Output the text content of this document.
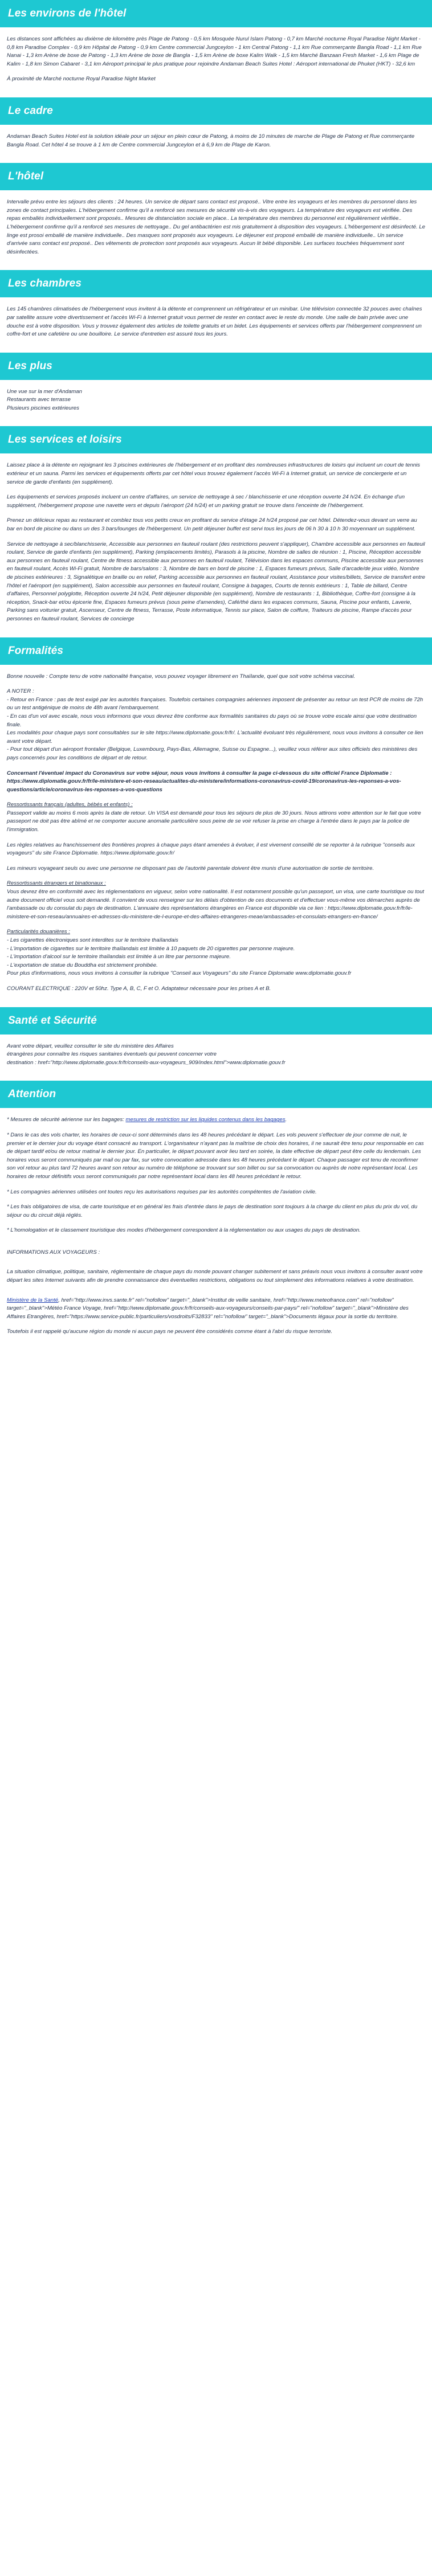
Les environs de l'hôtel

Les distances sont affichées au dixième de kilomètre près Plage de Patong - 0,5 km Mosquée Nurul Islam Patong - 0,7 km Marché nocturne Royal Paradise Night Market - 0,8 km Paradise Complex - 0,9 km Hôpital de Patong - 0,9 km Centre commercial Jungceylon - 1 km Central Patong - 1,1 km Rue commerçante Bangla Road - 1,1 km Rue Nanai - 1,3 km Arène de boxe de Patong - 1,3 km Arène de boxe de Bangla - 1,5 km Arène de boxe Kalim Walk - 1,5 km Marché Banzaan Fresh Market - 1,6 km Plage de Kalim - 1,8 km Simon Cabaret - 3,1 km Aéroport principal le plus pratique pour rejoindre Andaman Beach Suites Hotel : Aéroport international de Phuket (HKT) - 32,6 km

À proximité de Marché nocturne Royal Paradise Night Market

Le cadre

Andaman Beach Suites Hotel est la solution idéale pour un séjour en plein cœur de Patong, à moins de 10 minutes de marche de Plage de Patong et Rue commerçante Bangla Road. Cet hôtel 4 se trouve à 1 km de Centre commercial Jungceylon et à 6,9 km de Plage de Karon.

L'hôtel

Intervalle prévu entre les séjours des clients : 24 heures. Un service de départ sans contact est proposé.. Vitre entre les voyageurs et les membres du personnel dans les zones de contact principales. L'hébergement confirme qu'il a renforcé ses mesures de sécurité vis-à-vis des voyageurs. La température des voyageurs est vérifiée. Des repas emballés individuellement sont proposés.. Mesures de distanciation sociale en place.. La température des membres du personnel est régulièrement vérifiée.. L'hébergement confirme qu'il a renforcé ses mesures de nettoyage.. Du gel antibactérien est mis gratuitement à disposition des voyageurs. L'hébergement est désinfecté. Le linge est prosoi emballé de manière individuelle.. Des masques sont proposés aux voyageurs. Le déjeuner est proposé emballé de manière individuelle.. Un service d'arrivée sans contact est proposé.. Des vêtements de protection sont proposés aux voyageurs. Aucun lit bébé disponible. Les surfaces touchées fréquemment sont désinfectées.

Les chambres

Les 145 chambres climatisées de l'hébergement vous invitent à la détente et comprennent un réfrigérateur et un minibar. Une télévision connectée 32 pouces avec chaînes par satellite assure votre divertissement et l'accès Wi-Fi à Internet gratuit vous permet de rester en contact avec le reste du monde. Une salle de bain privée avec une douche est à votre disposition. Vous y trouvez également des articles de toilette gratuits et un bidet. Les équipements et services offerts par l'hébergement comprennent un coffre-fort et une cafetière ou une bouilloire. Le service d'entretien est assuré tous les jours.

Les plus
Une vue sur la mer d'Andaman
Restaurants avec terrasse
Plusieurs piscines extérieures
Les services et loisirs

Laissez place à la détente en rejoignant les 3 piscines extérieures de l'hébergement et en profitant des nombreuses infrastructures de loisirs qui incluent un court de tennis extérieur et un sauna. Parmi les services et équipements offerts par cet hôtel vous trouvez également l'accès Wi-Fi à Internet gratuit, un service de conciergerie et un service de garde d'enfants (en supplément).

Les équipements et services proposés incluent un centre d'affaires, un service de nettoyage à sec / blanchisserie et une réception ouverte 24 h/24. En échange d'un supplément, l'hébergement propose une navette vers et depuis l'aéroport (24 h/24) et un parking gratuit se trouve dans l'enceinte de l'hébergement.

Prenez un délicieux repas au restaurant et comblez tous vos petits creux en profitant du service d'étage 24 h/24 proposé par cet hôtel. Détendez-vous devant un verre au bar en bord de piscine ou dans un des 3 bars/lounges de l'hébergement. Un petit déjeuner buffet est servi tous les jours de 06 h 30 à 10 h 30 moyennant un supplément.

Service de nettoyage à sec/blanchisserie, Accessible aux personnes en fauteuil roulant (des restrictions peuvent s'appliquer), Chambre accessible aux personnes en fauteuil roulant, Service de garde d'enfants (en supplément), Parking (emplacements limités), Parasols à la piscine, Nombre de salles de réunion : 1, Piscine, Réception accessible aux personnes en fauteuil roulant, Centre de fitness accessible aux personnes en fauteuil roulant, Télévision dans les espaces communs, Piscine accessible aux personnes en fauteuil roulant, Accès Wi-Fi gratuit, Nombre de bars/salons : 3, Nombre de bars en bord de piscine : 1, Espaces fumeurs prévus, Salle d'arcade/de jeux vidéo, Nombre de piscines extérieures : 3, Signalétique en braille ou en relief, Parking accessible aux personnes en fauteuil roulant, Assistance pour visites/billets, Service de transfert entre l'hôtel et l'aéroport (en supplément), Salon accessible aux personnes en fauteuil roulant, Consigne à bagages, Courts de tennis extérieurs : 1, Table de billard, Centre d'affaires, Personnel polyglotte, Réception ouverte 24 h/24, Petit déjeuner disponible (en supplément), Nombre de restaurants : 1, Bibliothèque, Coffre-fort (consigne à la réception, Snack-bar et/ou épicerie fine, Espaces fumeurs prévus (sous peine d'amendes), Café/thé dans les espaces communs, Sauna, Piscine pour enfants, Laverie, Parking sans voiturier gratuit, Ascenseur, Centre de fitness, Terrasse, Poste informatique, Tennis sur place, Salon de coiffure, Traiteurs de piscine, Rampe d'accès pour personnes en fauteuil roulant, Services de concierge

Formalités

Bonne nouvelle : Compte tenu de votre nationalité française, vous pouvez voyager librement en Thaïlande, quel que soit votre schéma vaccinal.

A NOTER :
- Retour en France : pas de test exigé par les autorités françaises. Toutefois certaines compagnies aériennes imposent de présenter au retour un test PCR de moins de 72h ou un test antigénique de moins de 48h avant l'embarquement.
- En cas d'un vol avec escale, nous vous informons que vous devrez être conforme aux formalités sanitaires du pays où se trouve votre escale ainsi que votre destination finale.
Les modalités pour chaque pays sont consultables sur le site https://www.diplomatie.gouv.fr/fr/. L'actualité évoluant très régulièrement, nous vous invitons à consulter ce lien avant votre départ.
- Pour tout départ d'un aéroport frontalier (Belgique, Luxembourg, Pays-Bas, Allemagne, Suisse ou Espagne...), veuillez vous référer aux sites officiels des ministères des pays concernés pour les conditions de départ et de retour.

Concernant l'éventuel impact du Coronavirus sur votre séjour, nous vous invitons à consulter la page ci-dessous du site officiel France Diplomatie : https://www.diplomatie.gouv.fr/fr/le-ministere-et-son-reseau/actualites-du-ministere/informations-coronavirus-covid-19/coronavirus-les-reponses-a-vos-questions/article/coronavirus-les-reponses-a-vos-questions

Ressortissants français (adultes, bébés et enfants) :
Passeport valide au moins 6 mois après la date de retour. Un VISA est demandé pour tous les séjours de plus de 30 jours. Nous attirons votre attention sur le fait que votre passeport ne doit pas être abîmé et ne comporter aucune anomalie particulière sous peine de se voir refuser la prise en charge à l'entrée dans le pays par la police de l'immigration.

Les règles relatives au franchissement des frontières propres à chaque pays étant amenées à évoluer, il est vivement conseillé de se reporter à la rubrique "conseils aux voyageurs" du site France Diplomatie. https://www.diplomatie.gouv.fr/

Les mineurs voyageant seuls ou avec une personne ne disposant pas de l'autorité parentale doivent être munis d'une autorisation de sortie de territoire.

Ressortissants étrangers et binationaux :
Vous devrez être en conformité avec les réglementations en vigueur, selon votre nationalité. Il est notamment possible qu'un passeport, un visa, une carte touristique ou tout autre document officiel vous soit demandé. Il convient de vous renseigner sur les délais d'obtention de ces documents et d'effectuer vous-même vos démarches auprès de l'ambassade ou du consulat du pays de destination. L'annuaire des représentations étrangères en France est disponible via ce lien : https://www.diplomatie.gouv.fr/fr/le-ministere-et-son-reseau/annuaires-et-adresses-du-ministere-de-l-europe-et-des-affaires-etrangeres-meae/ambassades-et-consulats-etrangers-en-france/

Particularités douanières :
- Les cigarettes électroniques sont interdites sur le territoire thaïlandais
- L'importation de cigarettes sur le territoire thaïlandais est limitée à 10 paquets de 20 cigarettes par personne majeure.
- L'importation d'alcool sur le territoire thaïlandais est limitée à un litre par personne majeure.
- L'exportation de statue du Bouddha est strictement prohibée.
Pour plus d'informations, nous vous invitons à consulter la rubrique "Conseil aux Voyageurs" du site France Diplomatie www.diplomatie.gouv.fr

COURANT ELECTRIQUE : 220V et 50hz. Type A, B, C, F et O. Adaptateur nécessaire pour les prises A et B.

Santé et Sécurité

Avant votre départ, veuillez consulter le site du ministère des Affaires
étrangères pour connaître les risques sanitaires éventuels qui peuvent concerner votre
destination : href="http://www.diplomatie.gouv.fr/fr/conseils-aux-voyageurs_909/index.html">www.diplomatie.gouv.fr

Attention

* Mesures de sécurité aérienne sur les bagages: mesures de restriction sur les liquides contenus dans les bagages.

* Dans le cas des vols charter, les horaires de ceux-ci sont déterminés dans les 48 heures précédant le départ. Les vols peuvent s'effectuer de jour comme de nuit, le premier et le dernier jour du voyage étant consacré au transport. L'organisateur n'ayant pas la maîtrise de choix des horaires, il ne saurait être tenu pour responsable en cas de départ tardif et/ou de retour matinal le dernier jour. En particulier, le départ pouvant avoir lieu tard en soirée, la date effective de départ peut être celle du lendemain. Les horaires vous seront communiqués par mail ou par fax, sur votre convocation adressée dans les 48 heures précédant le départ. Chaque passager est tenu de reconfirmer son vol retour au plus tard 72 heures avant son retour au numéro de téléphone se trouvant sur son billet ou sur sa convocation ou auprès de notre représentant local. Les horaires de retour définitifs vous seront communiqués par notre représentant local dans les 48 heures précédant le retour.

* Les compagnies aériennes utilisées ont toutes reçu les autorisations requises par les autorités compétentes de l'aviation civile.

* Les frais obligatoires de visa, de carte touristique et en général les frais d'entrée dans le pays de destination sont toujours à la charge du client en plus du prix du vol, du séjour ou du circuit déjà réglés.

* L'homologation et le classement touristique des modes d'hébergement correspondent à la réglementation ou aux usages du pays de destination.

INFORMATIONS AUX VOYAGEURS :

La situation climatique, politique, sanitaire, réglementaire de chaque pays du monde pouvant changer subitement et sans préavis nous vous invitons à consulter avant votre départ les sites Internet suivants afin de prendre connaissance des éventuelles restrictions, obligations ou tout simplement des informations relatives à votre destination.

Ministère de la Santé, href="http://www.invs.sante.fr" rel="nofollow" target="_blank">Institut de veille sanitaire, href="http://www.meteofrance.com" rel="nofollow" target="_blank">Météo France Voyage, href="http://www.diplomatie.gouv.fr/fr/conseils-aux-voyageurs/conseils-par-pays/" rel="nofollow" target="_blank">Ministère des Affaires Etrangères, href="https://www.service-public.fr/particuliers/vosdroits/F32833" rel="nofollow" target="_blank">Documents légaux pour la sortie du territoire.

Toutefois il est rappelé qu'aucune région du monde ni aucun pays ne peuvent être considérés comme étant à l'abri du risque terroriste.
